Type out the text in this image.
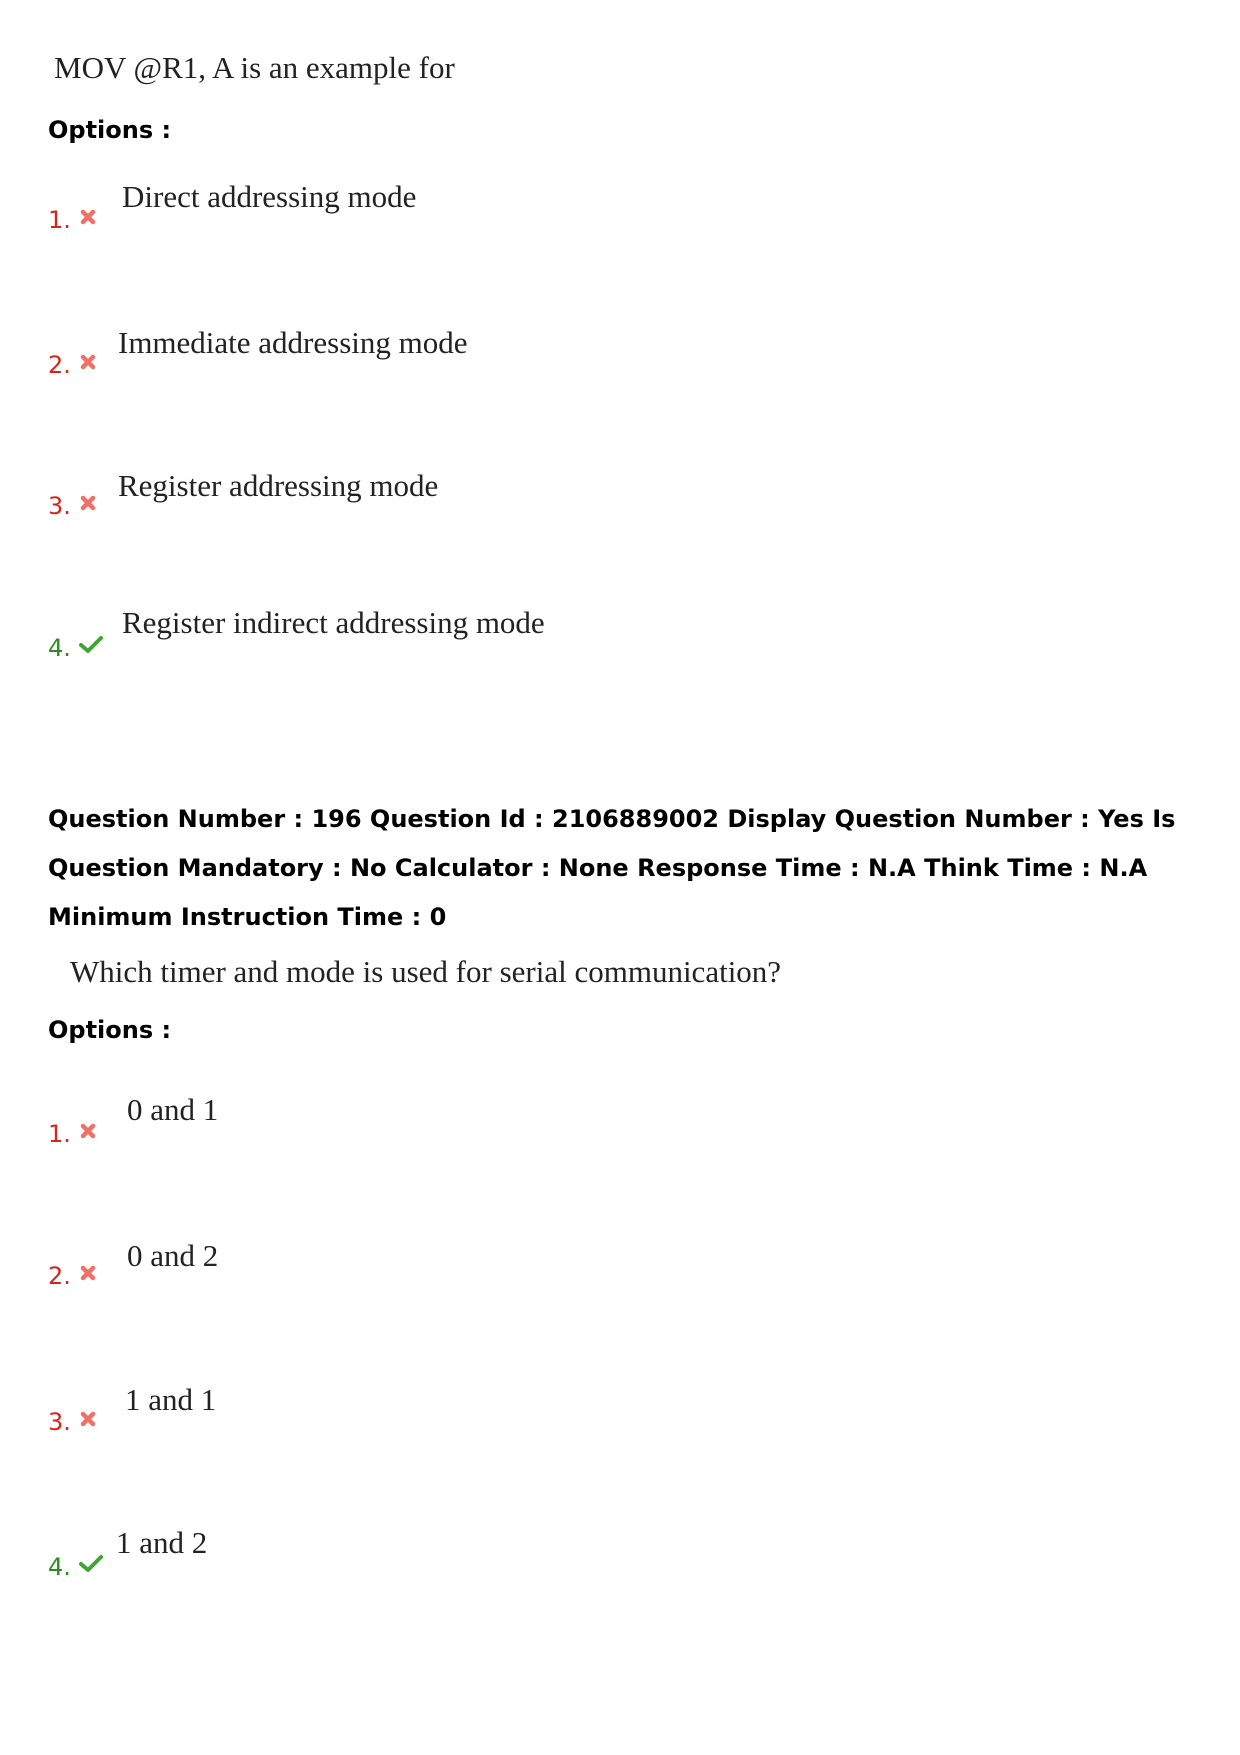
MOV @R1, A is an example for
Options :
Direct addressing mode
1.
Immediate addressing mode
2.
Register addressing mode
3.
Register indirect addressing mode
4.
Question Number : 196 Question Id : 2106889002 Display Question Number : Yes Is Question Mandatory : No Calculator : None Response Time : N.A Think Time : N.A Minimum Instruction Time : 0
Which timer and mode is used for serial communication?
Options :
0 and 1
1.
0 and 2
2.
1 and 1
3.
1 and 2
4.
